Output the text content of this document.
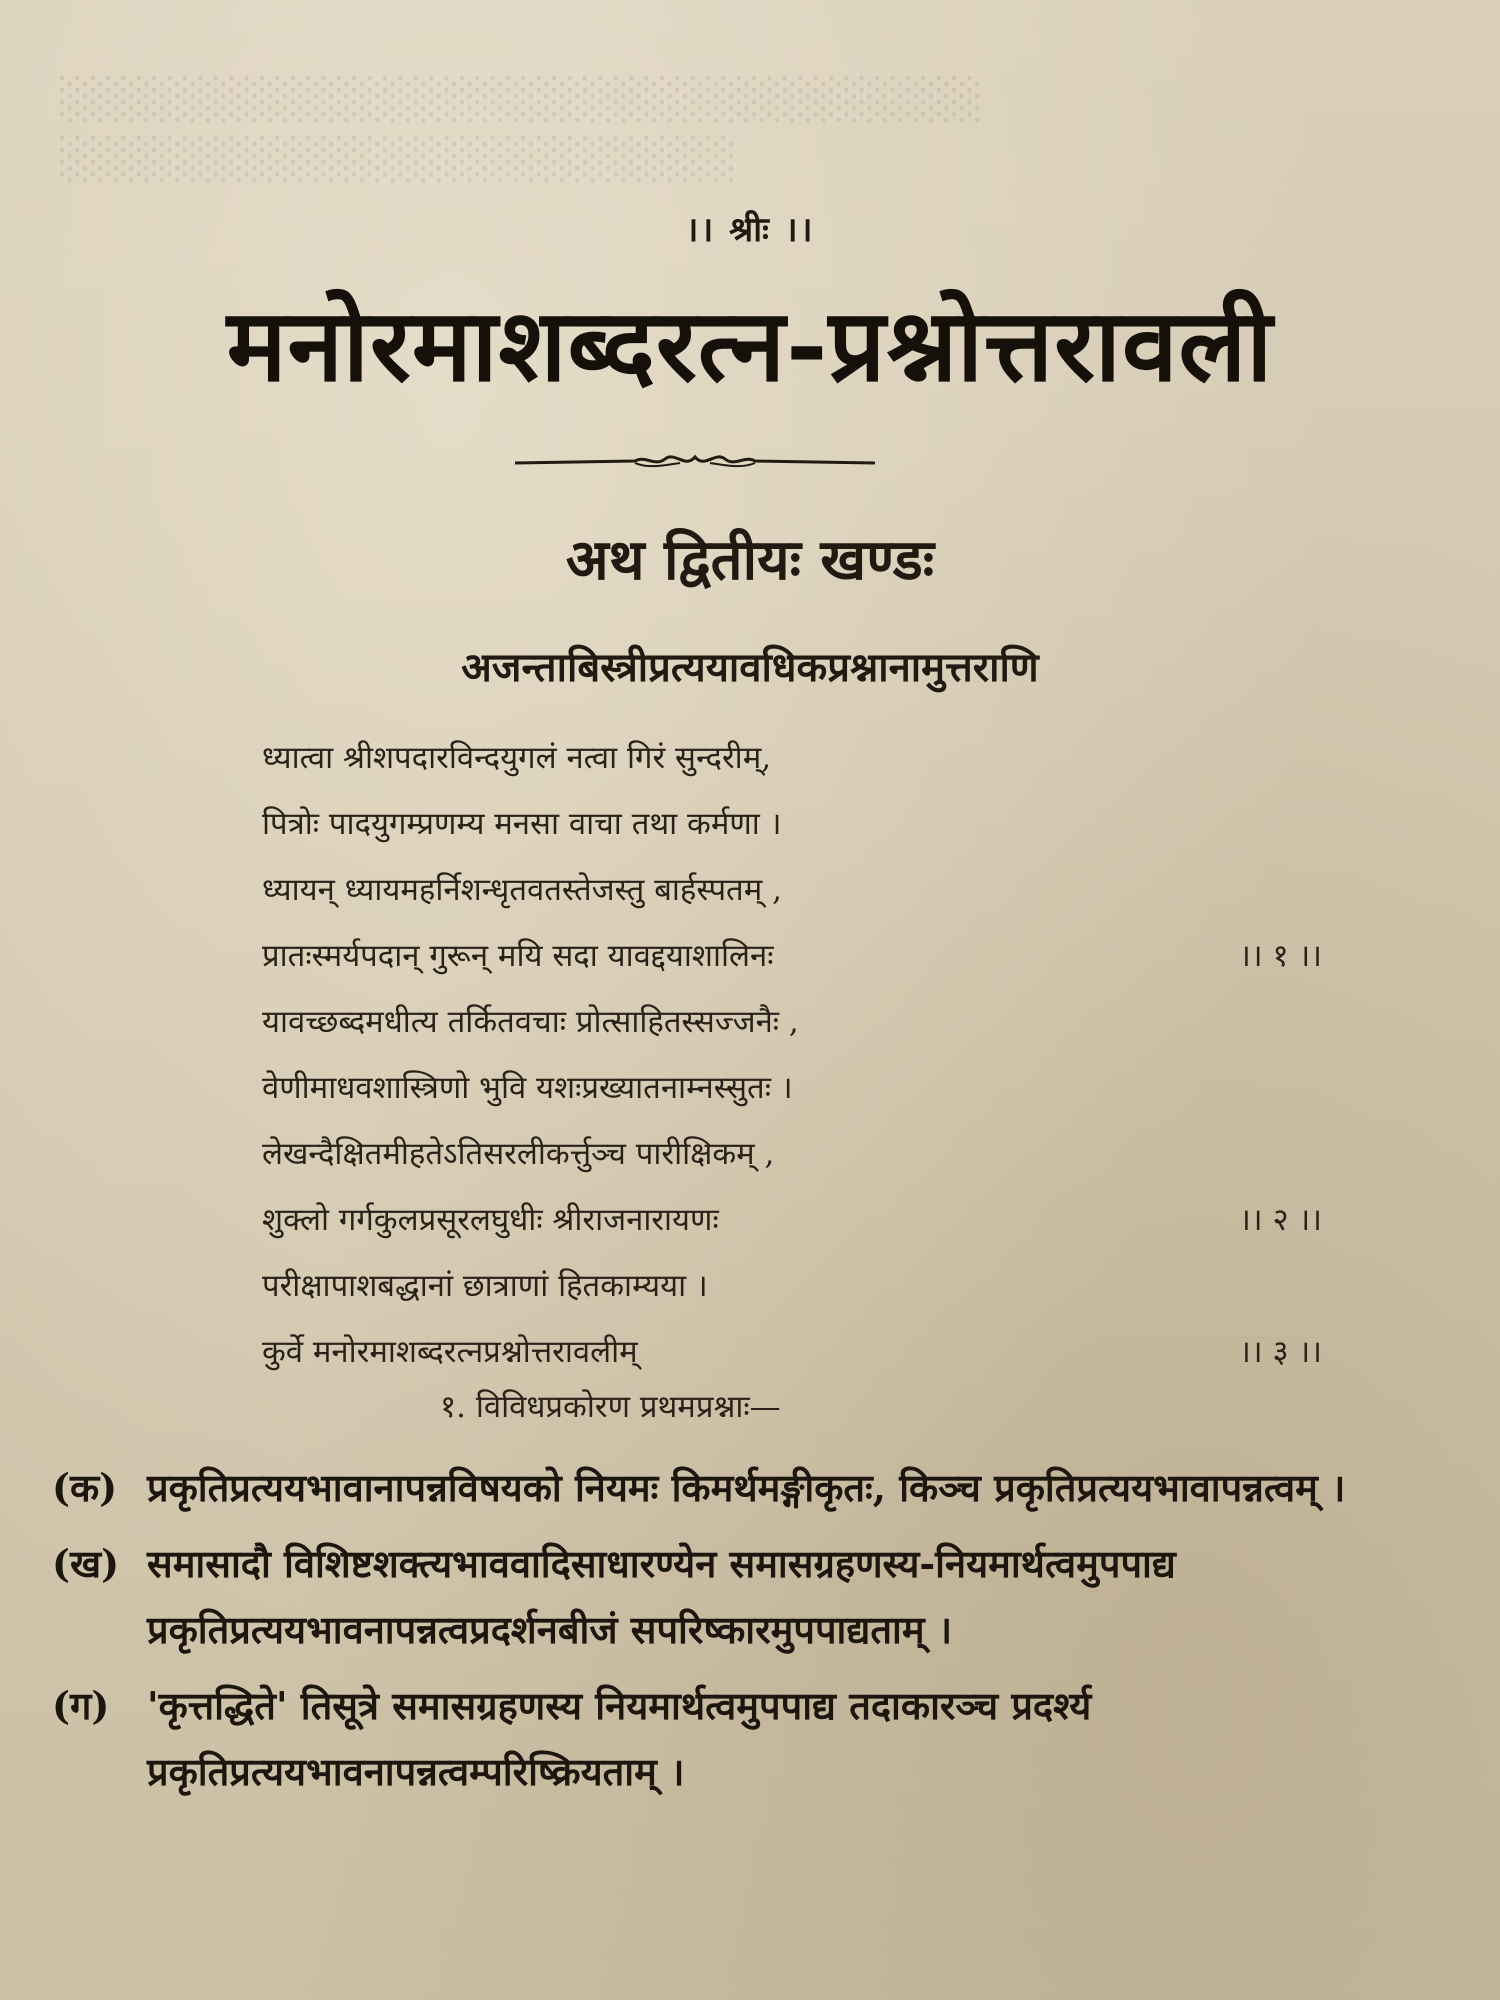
░░░░░░░░░░░░░░░░░░░░░░░░░░░░░░
░░░░░░░░░░░░░░░░░░░░░░
।। श्रीः ।।
मनोरमाशब्दरत्न-प्रश्नोत्तरावली
अथ द्वितीयः खण्डः
अजन्ताबिस्त्रीप्रत्ययावधिकप्रश्नानामुत्तराणि
ध्यात्वा श्रीशपदारविन्दयुगलं नत्वा गिरं सुन्दरीम्,
पित्रोः पादयुगम्प्रणम्य मनसा वाचा तथा कर्मणा ।
ध्यायन् ध्यायमहर्निशन्धृतवतस्तेजस्तु बार्हस्पतम् ,
प्रातःस्मर्यपदान् गुरून् मयि सदा यावद्दयाशालिनः	।। १ ।।
यावच्छब्दमधीत्य तर्कितवचाः प्रोत्साहितस्सज्जनैः ,
वेणीमाधवशास्त्रिणो भुवि यशःप्रख्यातनाम्नस्सुतः ।
लेखन्दैक्षितमीहतेऽतिसरलीकर्त्तुञ्च पारीक्षिकम् ,
शुक्लो गर्गकुलप्रसूरलघुधीः श्रीराजनारायणः	।। २ ।।
परीक्षापाशबद्धानां छात्राणां हितकाम्यया ।
कुर्वे मनोरमाशब्दरत्नप्रश्नोत्तरावलीम्	।। ३ ।।
१. विविधप्रकोरण प्रथमप्रश्नाः—
(क) प्रकृतिप्रत्ययभावानापन्नविषयको नियमः किमर्थमङ्गीकृतः, किञ्च प्रकृतिप्रत्ययभावापन्नत्वम् ।
(ख) समासादौ विशिष्टशक्त्यभाववादिसाधारण्येन समासग्रहणस्य-नियमार्थत्वमुपपाद्य प्रकृतिप्रत्ययभावनापन्नत्वप्रदर्शनबीजं सपरिष्कारमुपपाद्यताम् ।
(ग) 'कृत्तद्धिते' तिसूत्रे समासग्रहणस्य नियमार्थत्वमुपपाद्य तदाकारञ्च प्रदर्श्य प्रकृतिप्रत्ययभावनापन्नत्वम्परिष्क्रियताम् ।
